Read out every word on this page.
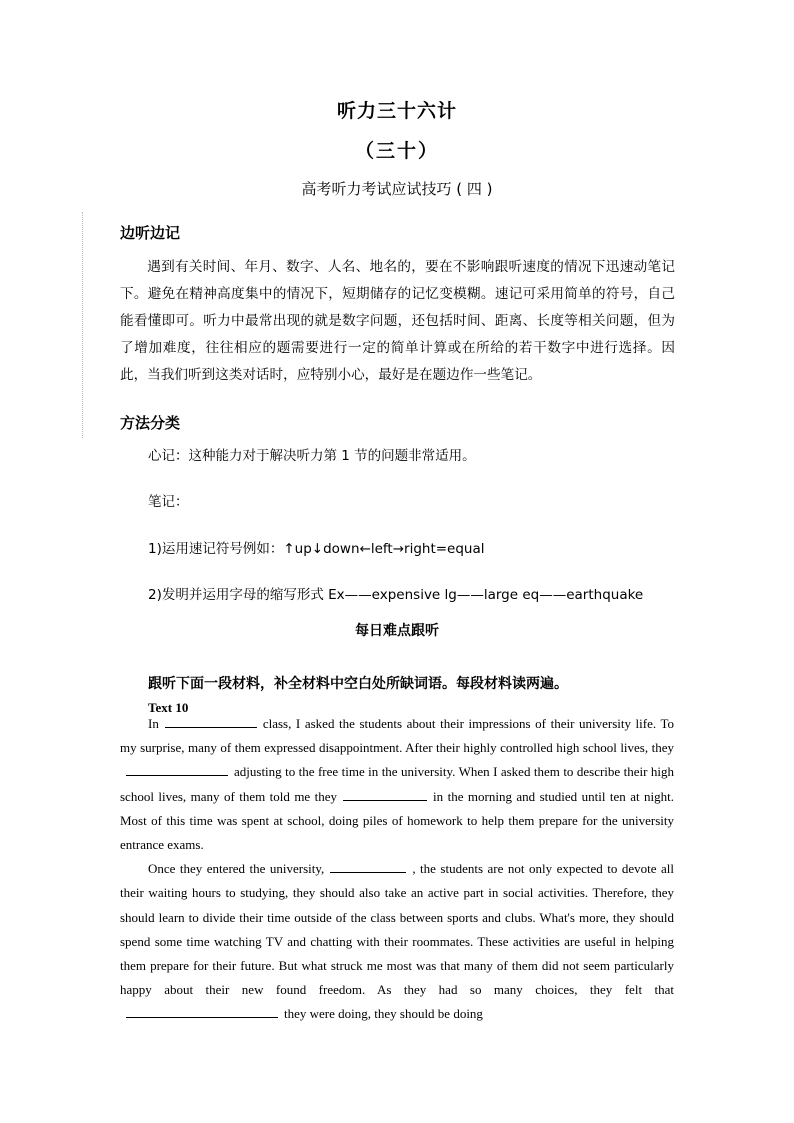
听力三十六计
（三十）
高考听力考试应试技巧 ( 四 )
边听边记

遇到有关时间、年月、数字、人名、地名的，要在不影响跟听速度的情况下迅速动笔记下。避免在精神高度集中的情况下，短期储存的记忆变模糊。速记可采用简单的符号，自己能看懂即可。听力中最常出现的就是数字问题，还包括时间、距离、长度等相关问题，但为了增加难度，往往相应的题需要进行一定的简单计算或在所给的若干数字中进行选择。因此，当我们听到这类对话时，应特别小心，最好是在题边作一些笔记。

方法分类
心记：这种能力对于解决听力第 1 节的问题非常适用。
笔记：
1)运用速记符号例如：↑up↓down←left→right=equal
2)发明并运用字母的缩写形式 Ex——expensive lg——large eq——earthquake
每日难点跟听
跟听下面一段材料，补全材料中空白处所缺词语。每段材料读两遍。
Text 10

In	class, I asked the students about their impressions of their university life. To my surprise, many of them expressed disappointment. After their highly controlled high school lives, theyadjusting to the free time in the university. When I asked them to describe their high school lives, many of them told me they	in the morning and studied until ten at night. Most of this time was spent at school, doing piles of homework to help them prepare for the university entrance exams.

Once they entered the university,	, the students are not only expected to devote all their waiting hours to studying, they should also take an active part in social activities. Therefore, they should learn to divide their time outside of the class between sports and clubs. What's more, they should spend some time watching TV and chatting with their roommates. These activities are useful in helping them prepare for their future. But what struck me most was that many of them did not seem particularly happy about their new found freedom. As they had so many choices, they felt thatthey were doing, they should be doing
